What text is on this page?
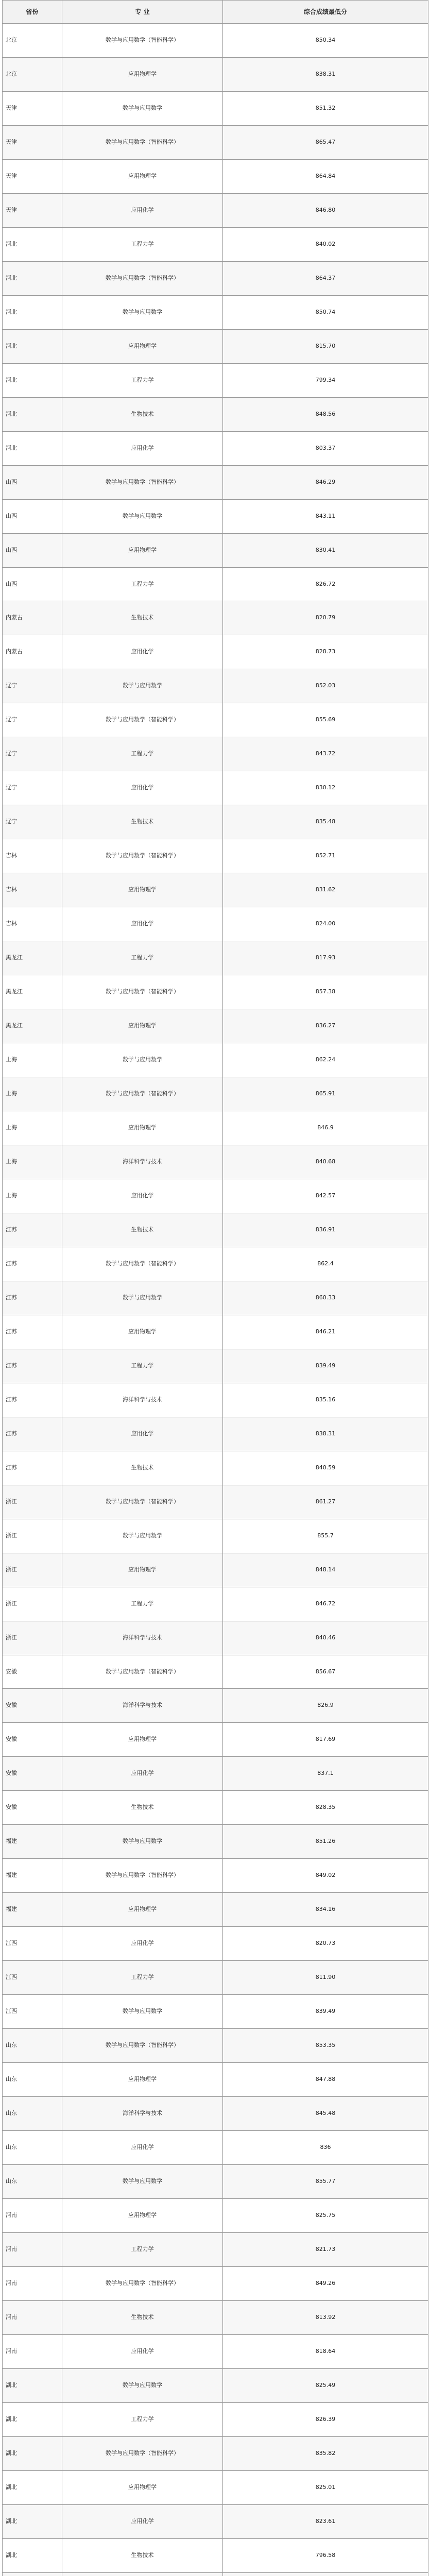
省份	专 业	综合成绩最低分
北京	数学与应用数学（智能科学）	850.34
北京	应用物理学	838.31
天津	数学与应用数学	851.32
天津	数学与应用数学（智能科学）	865.47
天津	应用物理学	864.84
天津	应用化学	846.80
河北	工程力学	840.02
河北	数学与应用数学（智能科学）	864.37
河北	数学与应用数学	850.74
河北	应用物理学	815.70
河北	工程力学	799.34
河北	生物技术	848.56
河北	应用化学	803.37
山西	数学与应用数学（智能科学）	846.29
山西	数学与应用数学	843.11
山西	应用物理学	830.41
山西	工程力学	826.72
内蒙古	生物技术	820.79
内蒙古	应用化学	828.73
辽宁	数学与应用数学	852.03
辽宁	数学与应用数学（智能科学）	855.69
辽宁	工程力学	843.72
辽宁	应用化学	830.12
辽宁	生物技术	835.48
吉林	数学与应用数学（智能科学）	852.71
吉林	应用物理学	831.62
吉林	应用化学	824.00
黑龙江	工程力学	817.93
黑龙江	数学与应用数学（智能科学）	857.38
黑龙江	应用物理学	836.27
上海	数学与应用数学	862.24
上海	数学与应用数学（智能科学）	865.91
上海	应用物理学	846.9
上海	海洋科学与技术	840.68
上海	应用化学	842.57
江苏	生物技术	836.91
江苏	数学与应用数学（智能科学）	862.4
江苏	数学与应用数学	860.33
江苏	应用物理学	846.21
江苏	工程力学	839.49
江苏	海洋科学与技术	835.16
江苏	应用化学	838.31
江苏	生物技术	840.59
浙江	数学与应用数学（智能科学）	861.27
浙江	数学与应用数学	855.7
浙江	应用物理学	848.14
浙江	工程力学	846.72
浙江	海洋科学与技术	840.46
安徽	数学与应用数学（智能科学）	856.67
安徽	海洋科学与技术	826.9
安徽	应用物理学	817.69
安徽	应用化学	837.1
安徽	生物技术	828.35
福建	数学与应用数学	851.26
福建	数学与应用数学（智能科学）	849.02
福建	应用物理学	834.16
江西	应用化学	820.73
江西	工程力学	811.90
江西	数学与应用数学	839.49
山东	数学与应用数学（智能科学）	853.35
山东	应用物理学	847.88
山东	海洋科学与技术	845.48
山东	应用化学	836
山东	数学与应用数学	855.77
河南	应用物理学	825.75
河南	工程力学	821.73
河南	数学与应用数学（智能科学）	849.26
河南	生物技术	813.92
河南	应用化学	818.64
湖北	数学与应用数学	825.49
湖北	工程力学	826.39
湖北	数学与应用数学（智能科学）	835.82
湖北	应用物理学	825.01
湖北	应用化学	823.61
湖北	生物技术	796.58
